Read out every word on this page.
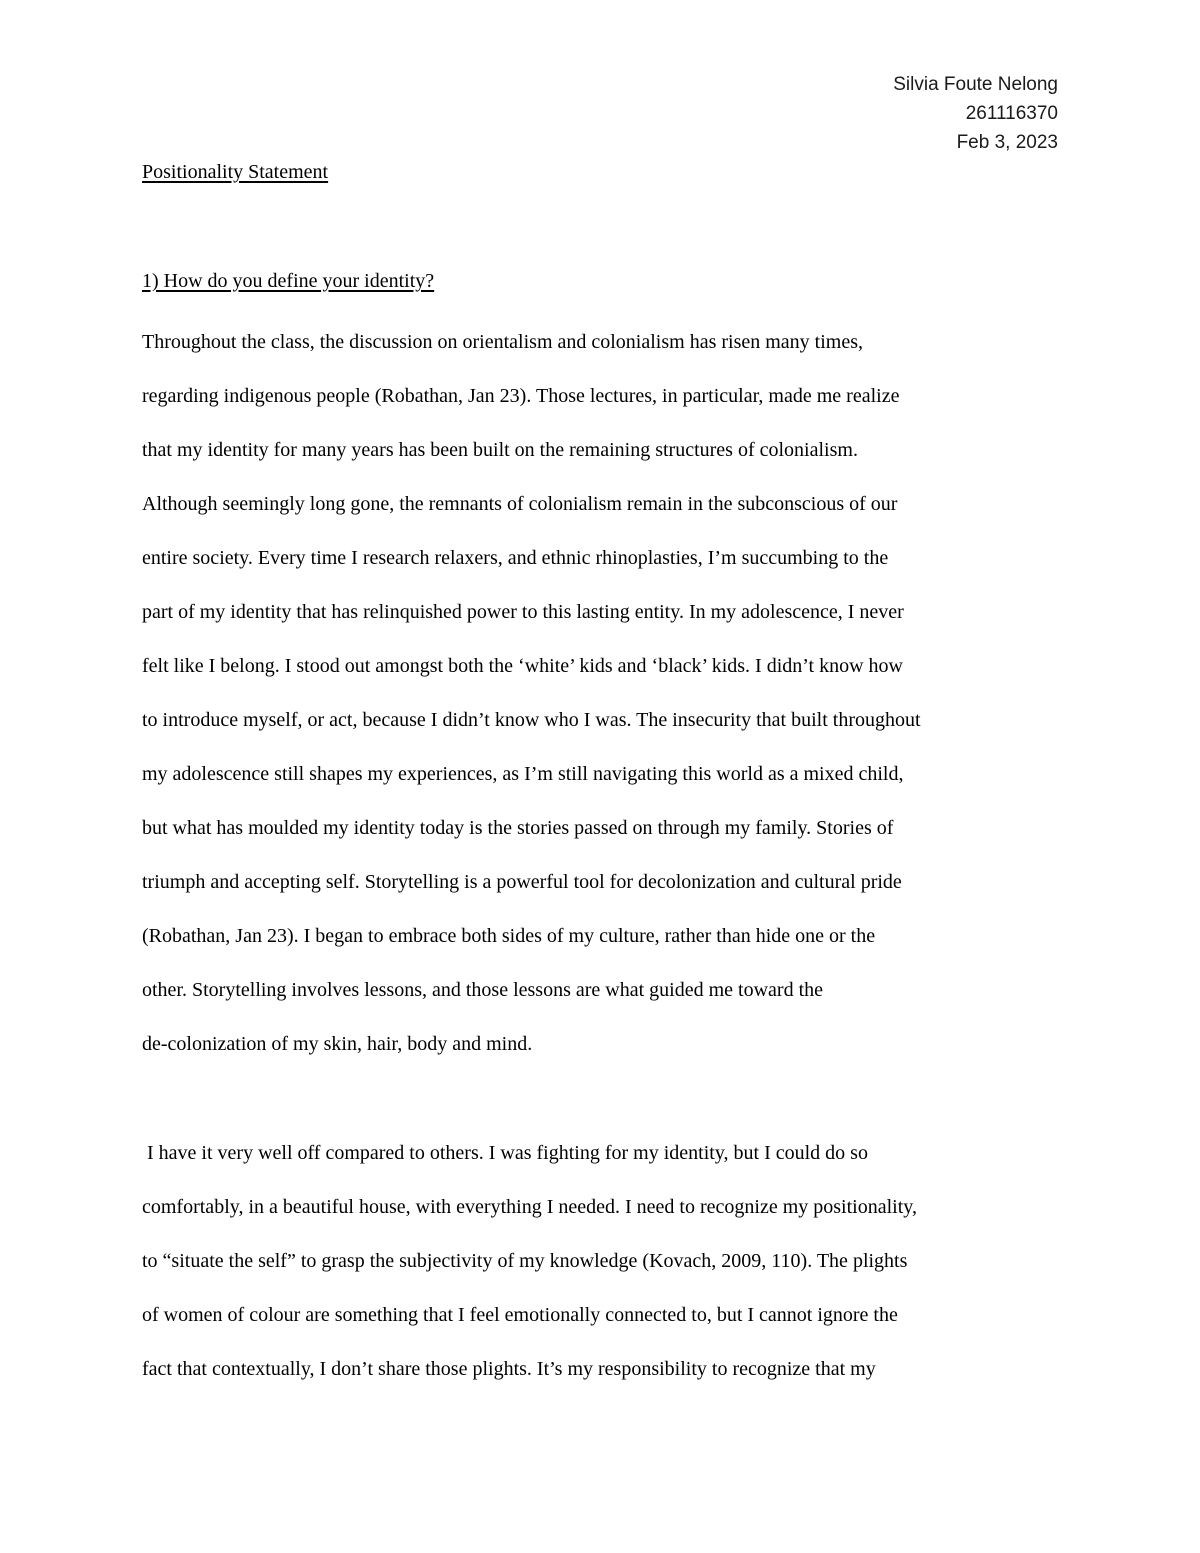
Silvia Foute Nelong
261116370
Feb 3, 2023
Positionality Statement
1) How do you define your identity?
Throughout the class, the discussion on orientalism and colonialism has risen many times,
regarding indigenous people (Robathan, Jan 23). Those lectures, in particular, made me realize
that my identity for many years has been built on the remaining structures of colonialism.
Although seemingly long gone, the remnants of colonialism remain in the subconscious of our
entire society. Every time I research relaxers, and ethnic rhinoplasties, I’m succumbing to the
part of my identity that has relinquished power to this lasting entity. In my adolescence, I never
felt like I belong. I stood out amongst both the ‘white’ kids and ‘black’ kids. I didn’t know how
to introduce myself, or act, because I didn’t know who I was. The insecurity that built throughout
my adolescence still shapes my experiences, as I’m still navigating this world as a mixed child,
but what has moulded my identity today is the stories passed on through my family. Stories of
triumph and accepting self. Storytelling is a powerful tool for decolonization and cultural pride
(Robathan, Jan 23). I began to embrace both sides of my culture, rather than hide one or the
other. Storytelling involves lessons, and those lessons are what guided me toward the
de-colonization of my skin, hair, body and mind.
I have it very well off compared to others. I was fighting for my identity, but I could do so
comfortably, in a beautiful house, with everything I needed. I need to recognize my positionality,
to “situate the self” to grasp the subjectivity of my knowledge (Kovach, 2009, 110). The plights
of women of colour are something that I feel emotionally connected to, but I cannot ignore the
fact that contextually, I don’t share those plights. It’s my responsibility to recognize that my
